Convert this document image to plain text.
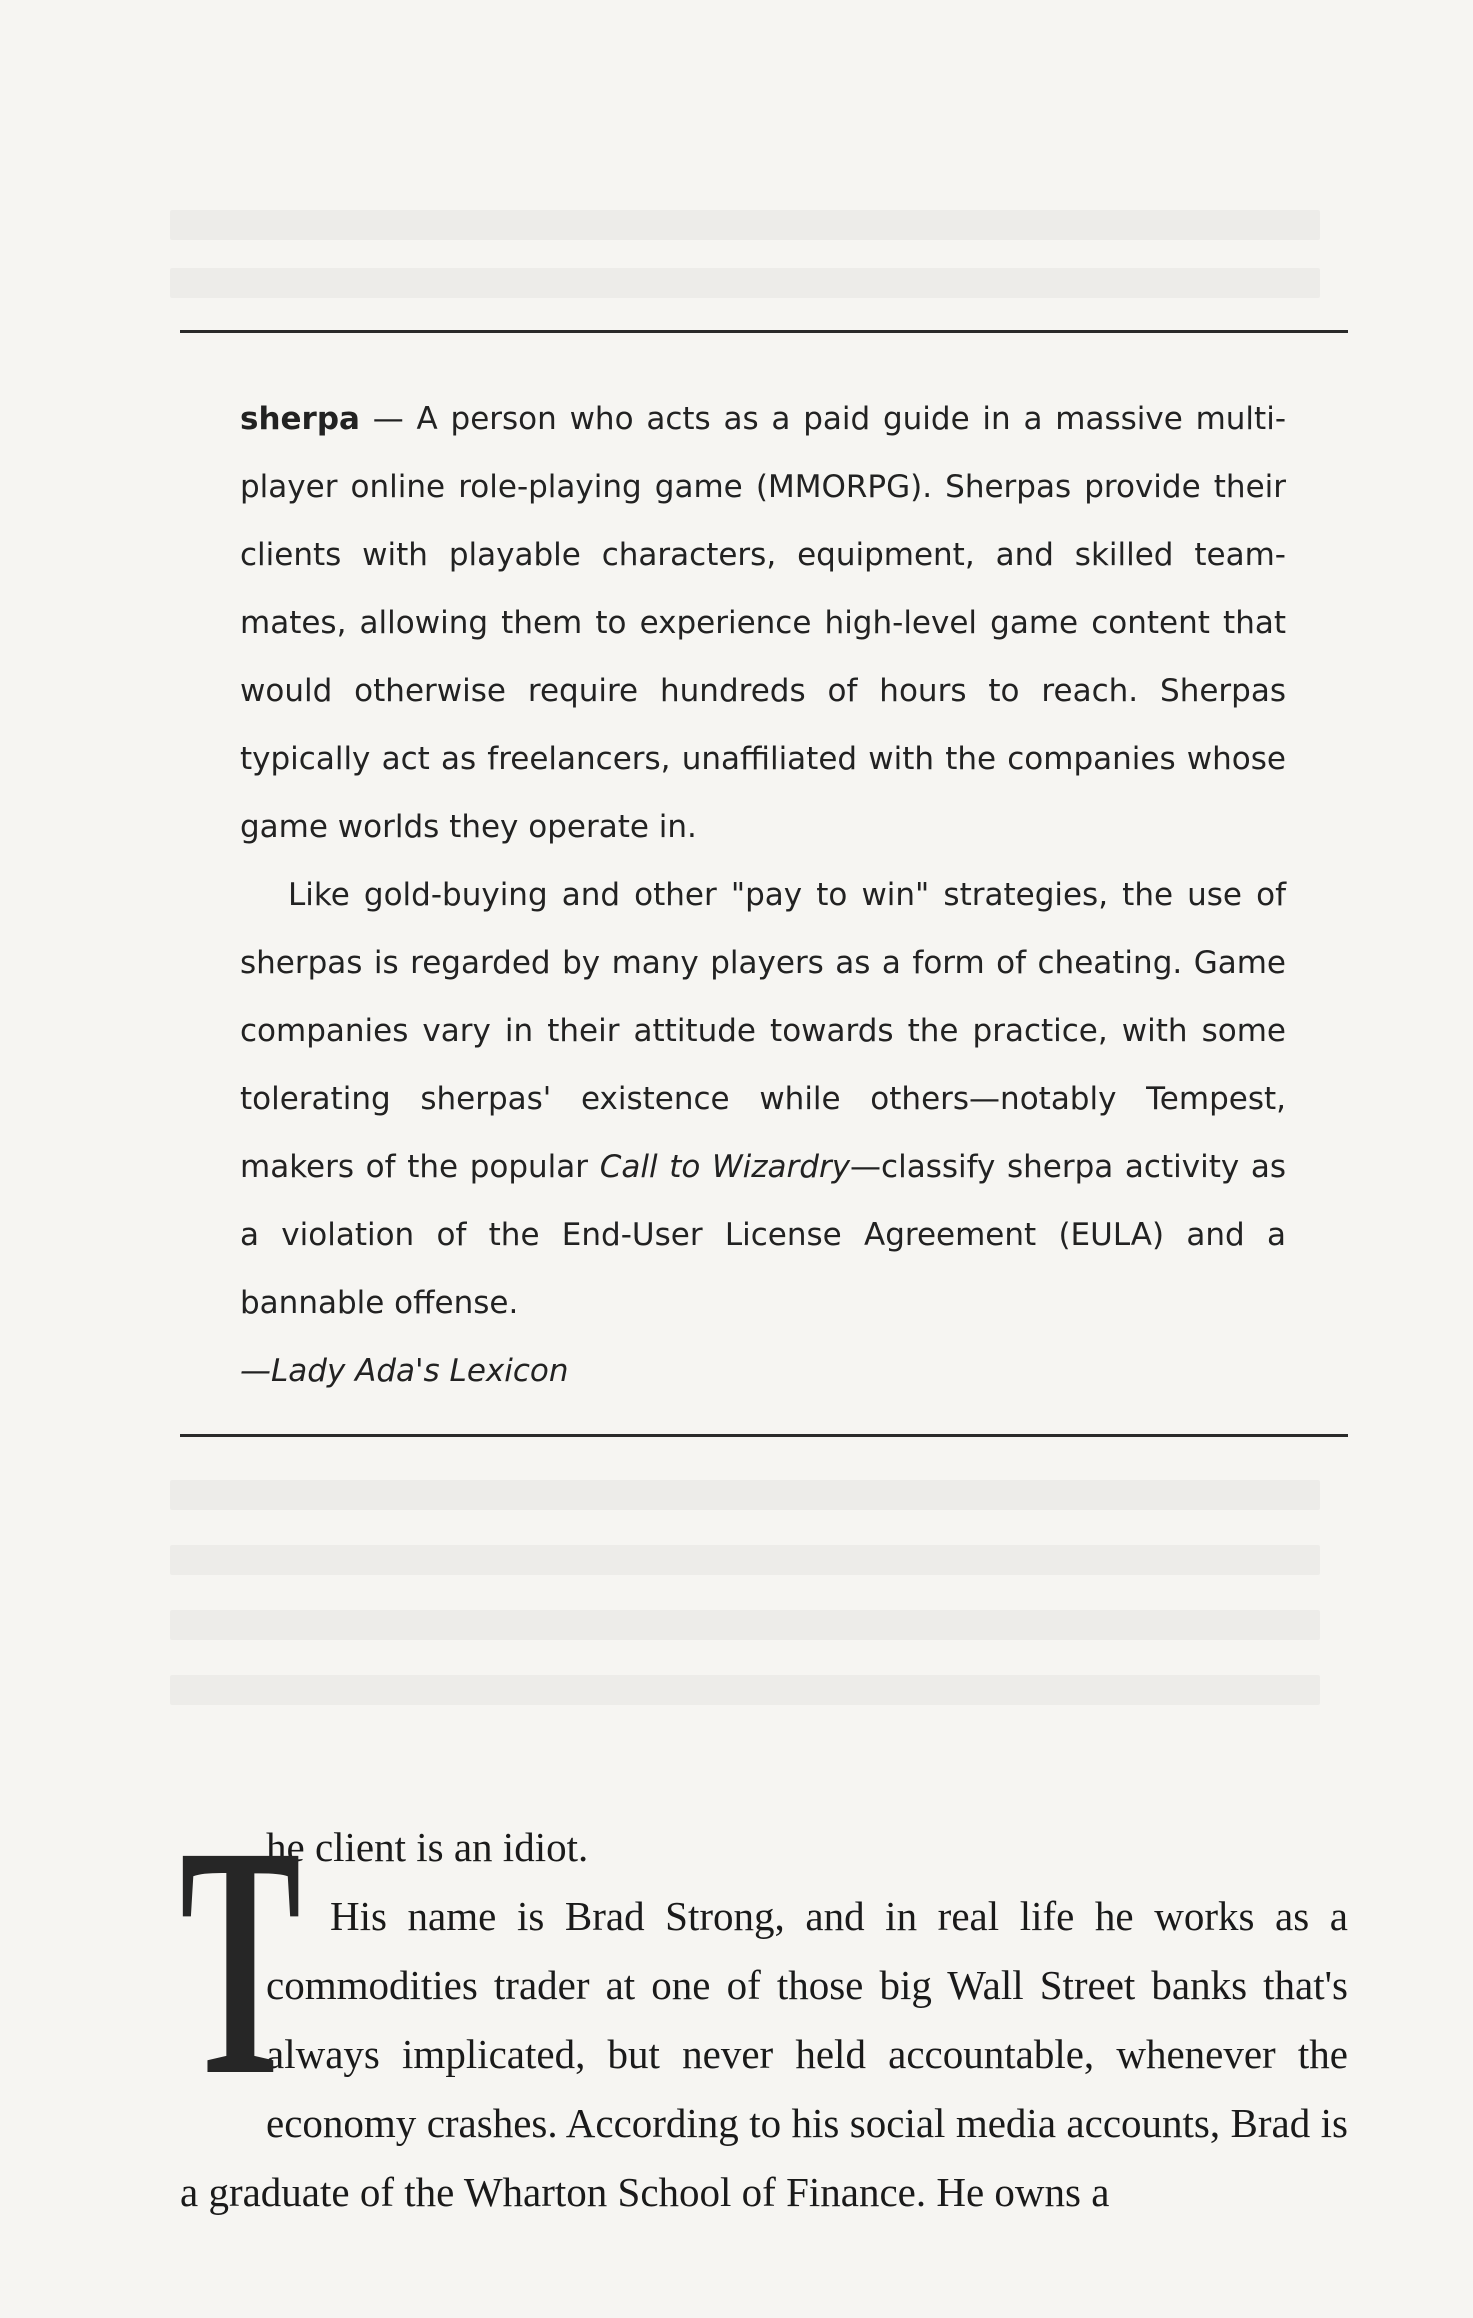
sherpa — A person who acts as a paid guide in a massive multi-player online role-playing game (MMORPG). Sherpas provide their clients with playable characters, equipment, and skilled team-mates, allowing them to experience high-level game content that would otherwise require hundreds of hours to reach. Sherpas typically act as freelancers, unaffiliated with the companies whose game worlds they operate in.

Like gold-buying and other "pay to win" strategies, the use of sherpas is regarded by many players as a form of cheating. Game companies vary in their attitude towards the practice, with some tolerating sherpas' existence while others—notably Tempest, makers of the popular Call to Wizardry—classify sherpa activity as a violation of the End-User License Agreement (EULA) and a bannable offense.

—Lady Ada's Lexicon

T

he client is an idiot.

His name is Brad Strong, and in real life he works as a commodities trader at one of those big Wall Street banks that's always implicated, but never held accountable, whenever the economy crashes. According to his social media accounts, Brad is a graduate of the Wharton School of Finance. He owns a
